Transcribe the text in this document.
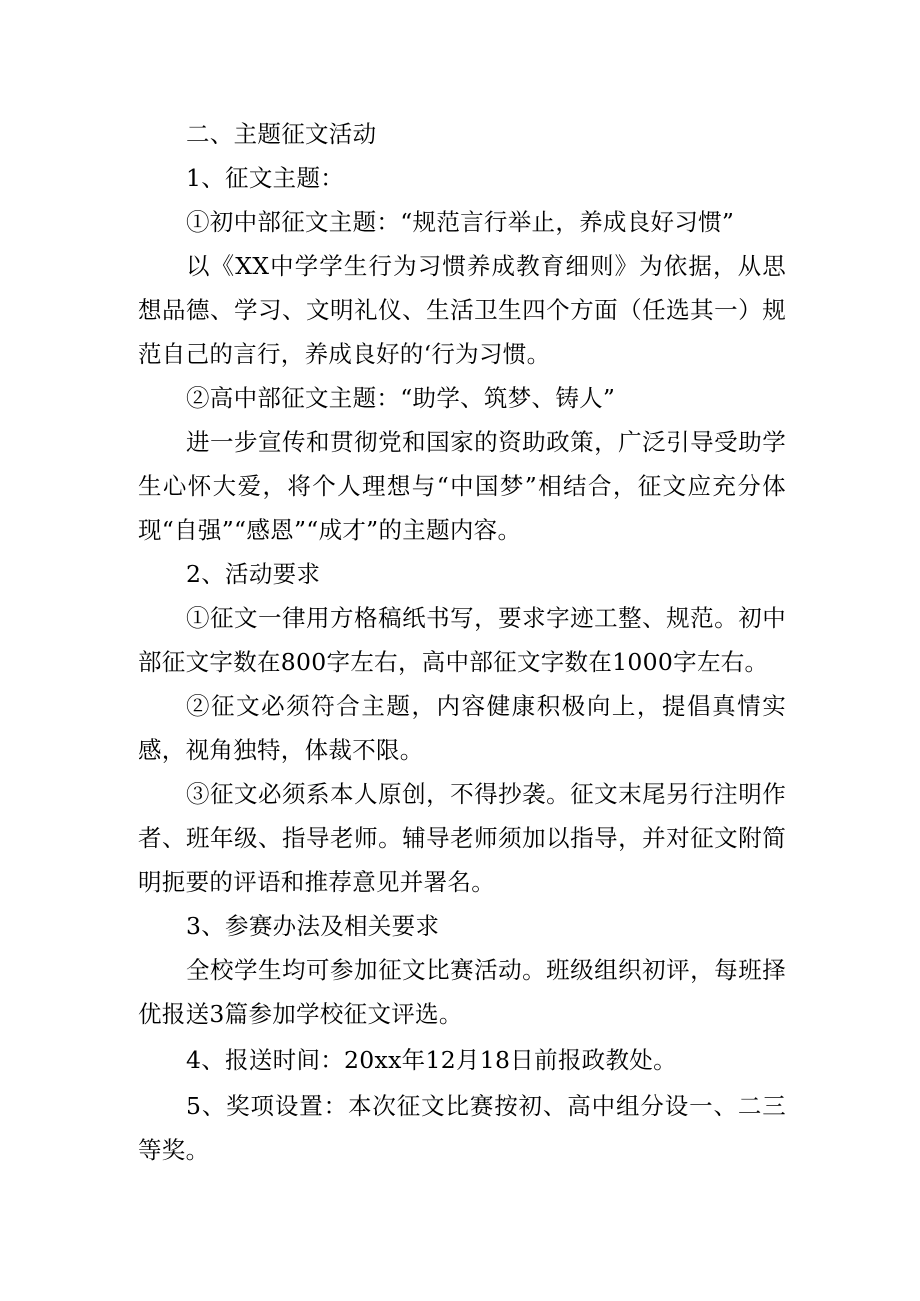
二、主题征文活动

1、征文主题：

①初中部征文主题：“规范言行举止，养成良好习惯”

以《XX中学学生行为习惯养成教育细则》为依据，从思想品德、学习、文明礼仪、生活卫生四个方面（任选其一）规范自己的言行，养成良好的‘行为习惯。

②高中部征文主题：“助学、筑梦、铸人”

进一步宣传和贯彻党和国家的资助政策，广泛引导受助学生心怀大爱，将个人理想与“中国梦”相结合，征文应充分体现“自强”“感恩”“成才”的主题内容。

2、活动要求

①征文一律用方格稿纸书写，要求字迹工整、规范。初中部征文字数在800字左右，高中部征文字数在1000字左右。

②征文必须符合主题，内容健康积极向上，提倡真情实感，视角独特，体裁不限。

③征文必须系本人原创，不得抄袭。征文末尾另行注明作者、班年级、指导老师。辅导老师须加以指导，并对征文附简明扼要的评语和推荐意见并署名。

3、参赛办法及相关要求

全校学生均可参加征文比赛活动。班级组织初评，每班择优报送3篇参加学校征文评选。

4、报送时间：20xx年12月18日前报政教处。

5、奖项设置：本次征文比赛按初、高中组分设一、二三等奖。
